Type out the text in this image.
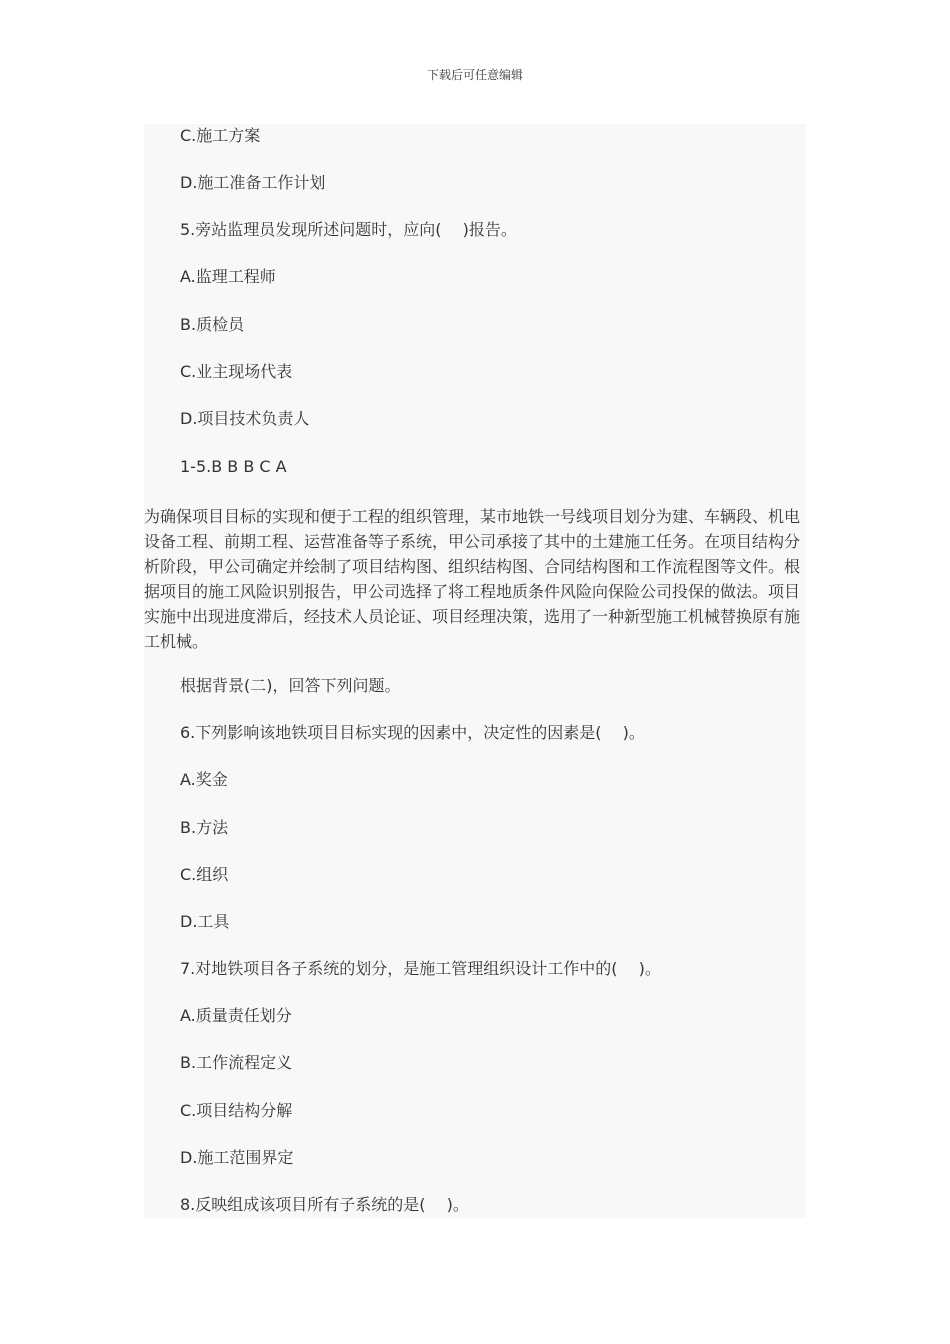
下载后可任意编辑
C.施工方案
D.施工准备工作计划
5.旁站监理员发现所述问题时，应向(　 )报告。
A.监理工程师
B.质检员
C.业主现场代表
D.项目技术负责人
1-5.B B B C A
为确保项目目标的实现和便于工程的组织管理，某市地铁一号线项目划分为建、车辆段、机电设备工程、前期工程、运营准备等子系统，甲公司承接了其中的土建施工任务。在项目结构分析阶段，甲公司确定并绘制了项目结构图、组织结构图、合同结构图和工作流程图等文件。根据项目的施工风险识别报告，甲公司选择了将工程地质条件风险向保险公司投保的做法。项目实施中出现进度滞后，经技术人员论证、项目经理决策，选用了一种新型施工机械替换原有施工机械。
根据背景(二)，回答下列问题。
6.下列影响该地铁项目目标实现的因素中，决定性的因素是(　 )。
A.奖金
B.方法
C.组织
D.工具
7.对地铁项目各子系统的划分，是施工管理组织设计工作中的(　 )。
A.质量责任划分
B.工作流程定义
C.项目结构分解
D.施工范围界定
8.反映组成该项目所有子系统的是(　 )。
